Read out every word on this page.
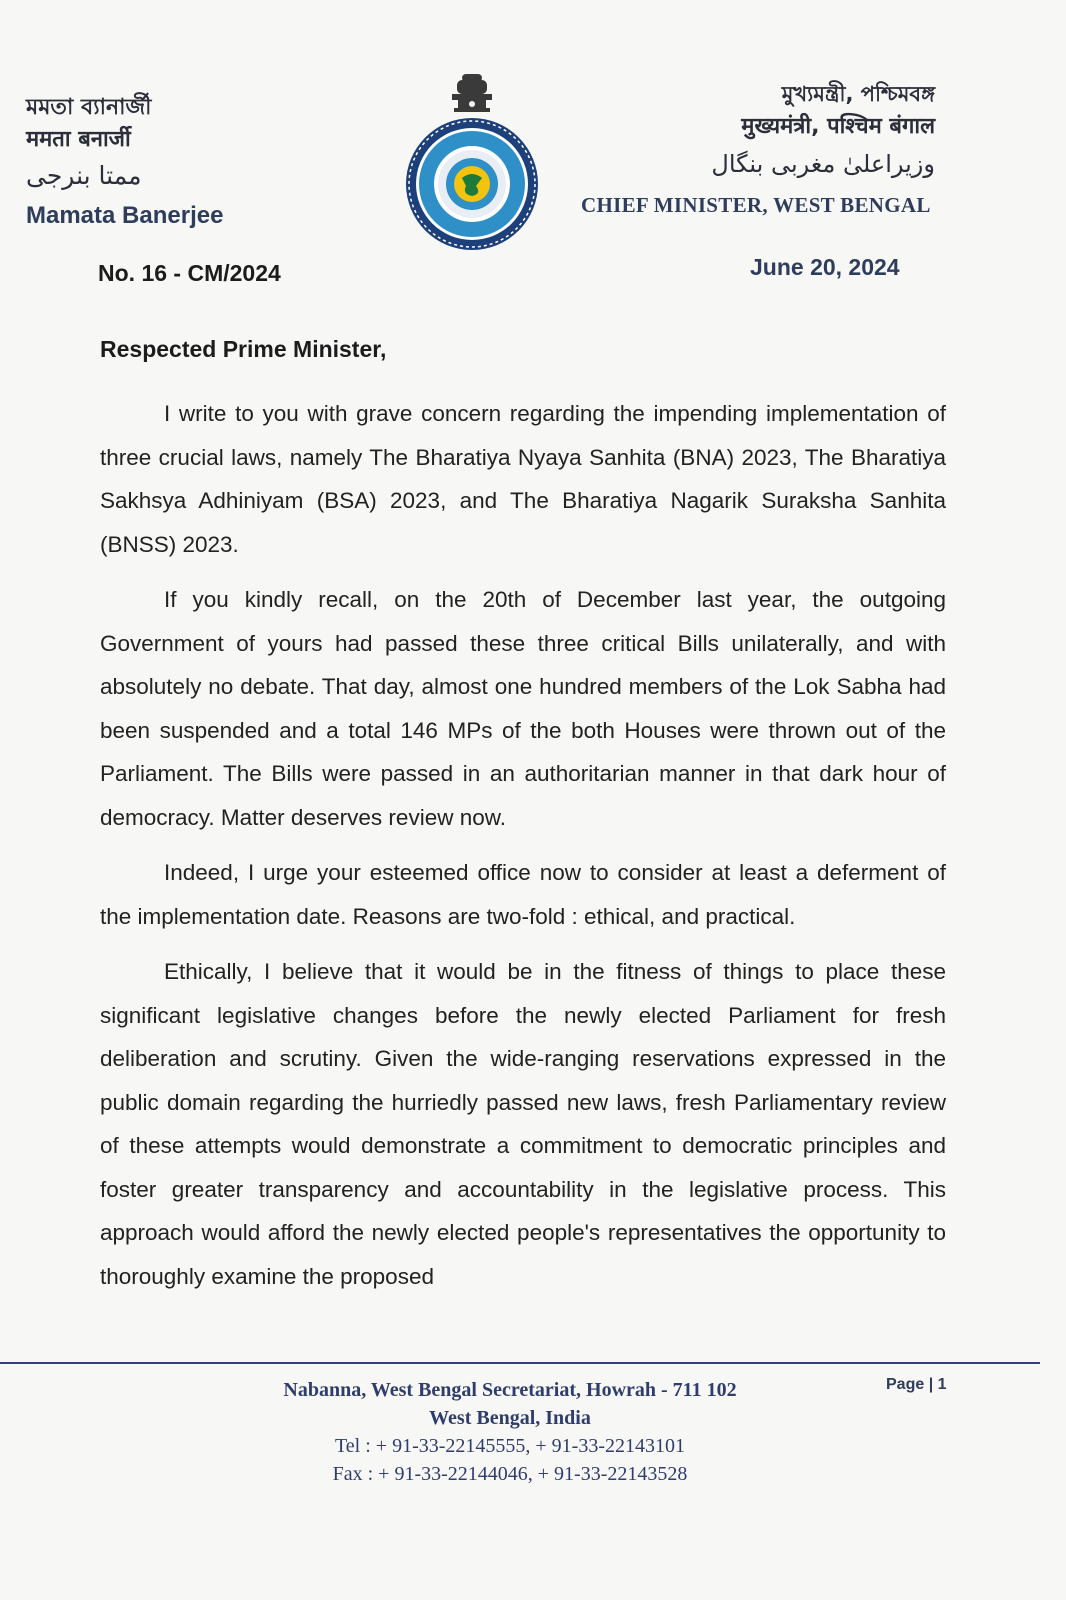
মমতা ব্যানার্জী
ममता बनार्जी
ممتا بنرجی
Mamata Banerjee
মুখ্যমন্ত্রী, পশ্চিমবঙ্গ
मुख्यमंत्री, पश्चिम बंगाल
وزیراعلیٰ مغربی بنگال
CHIEF MINISTER, WEST BENGAL
No. 16 - CM/2024	June 20, 2024
Respected Prime Minister,

I write to you with grave concern regarding the impending implementation of three crucial laws, namely The Bharatiya Nyaya Sanhita (BNA) 2023, The Bharatiya Sakhsya Adhiniyam (BSA) 2023, and The Bharatiya Nagarik Suraksha Sanhita (BNSS) 2023.

If you kindly recall, on the 20th of December last year, the outgoing Government of yours had passed these three critical Bills unilaterally, and with absolutely no debate. That day, almost one hundred members of the Lok Sabha had been suspended and a total 146 MPs of the both Houses were thrown out of the Parliament. The Bills were passed in an authoritarian manner in that dark hour of democracy. Matter deserves review now.

Indeed, I urge your esteemed office now to consider at least a deferment of the implementation date. Reasons are two-fold : ethical, and practical.

Ethically, I believe that it would be in the fitness of things to place these significant legislative changes before the newly elected Parliament for fresh deliberation and scrutiny. Given the wide-ranging reservations expressed in the public domain regarding the hurriedly passed new laws, fresh Parliamentary review of these attempts would demonstrate a commitment to democratic principles and foster greater transparency and accountability in the legislative process. This approach would afford the newly elected people's representatives the opportunity to thoroughly examine the proposed

Nabanna, West Bengal Secretariat, Howrah - 711 102
West Bengal, India
Tel : + 91-33-22145555, + 91-33-22143101
Fax : + 91-33-22144046, + 91-33-22143528
Page | 1
